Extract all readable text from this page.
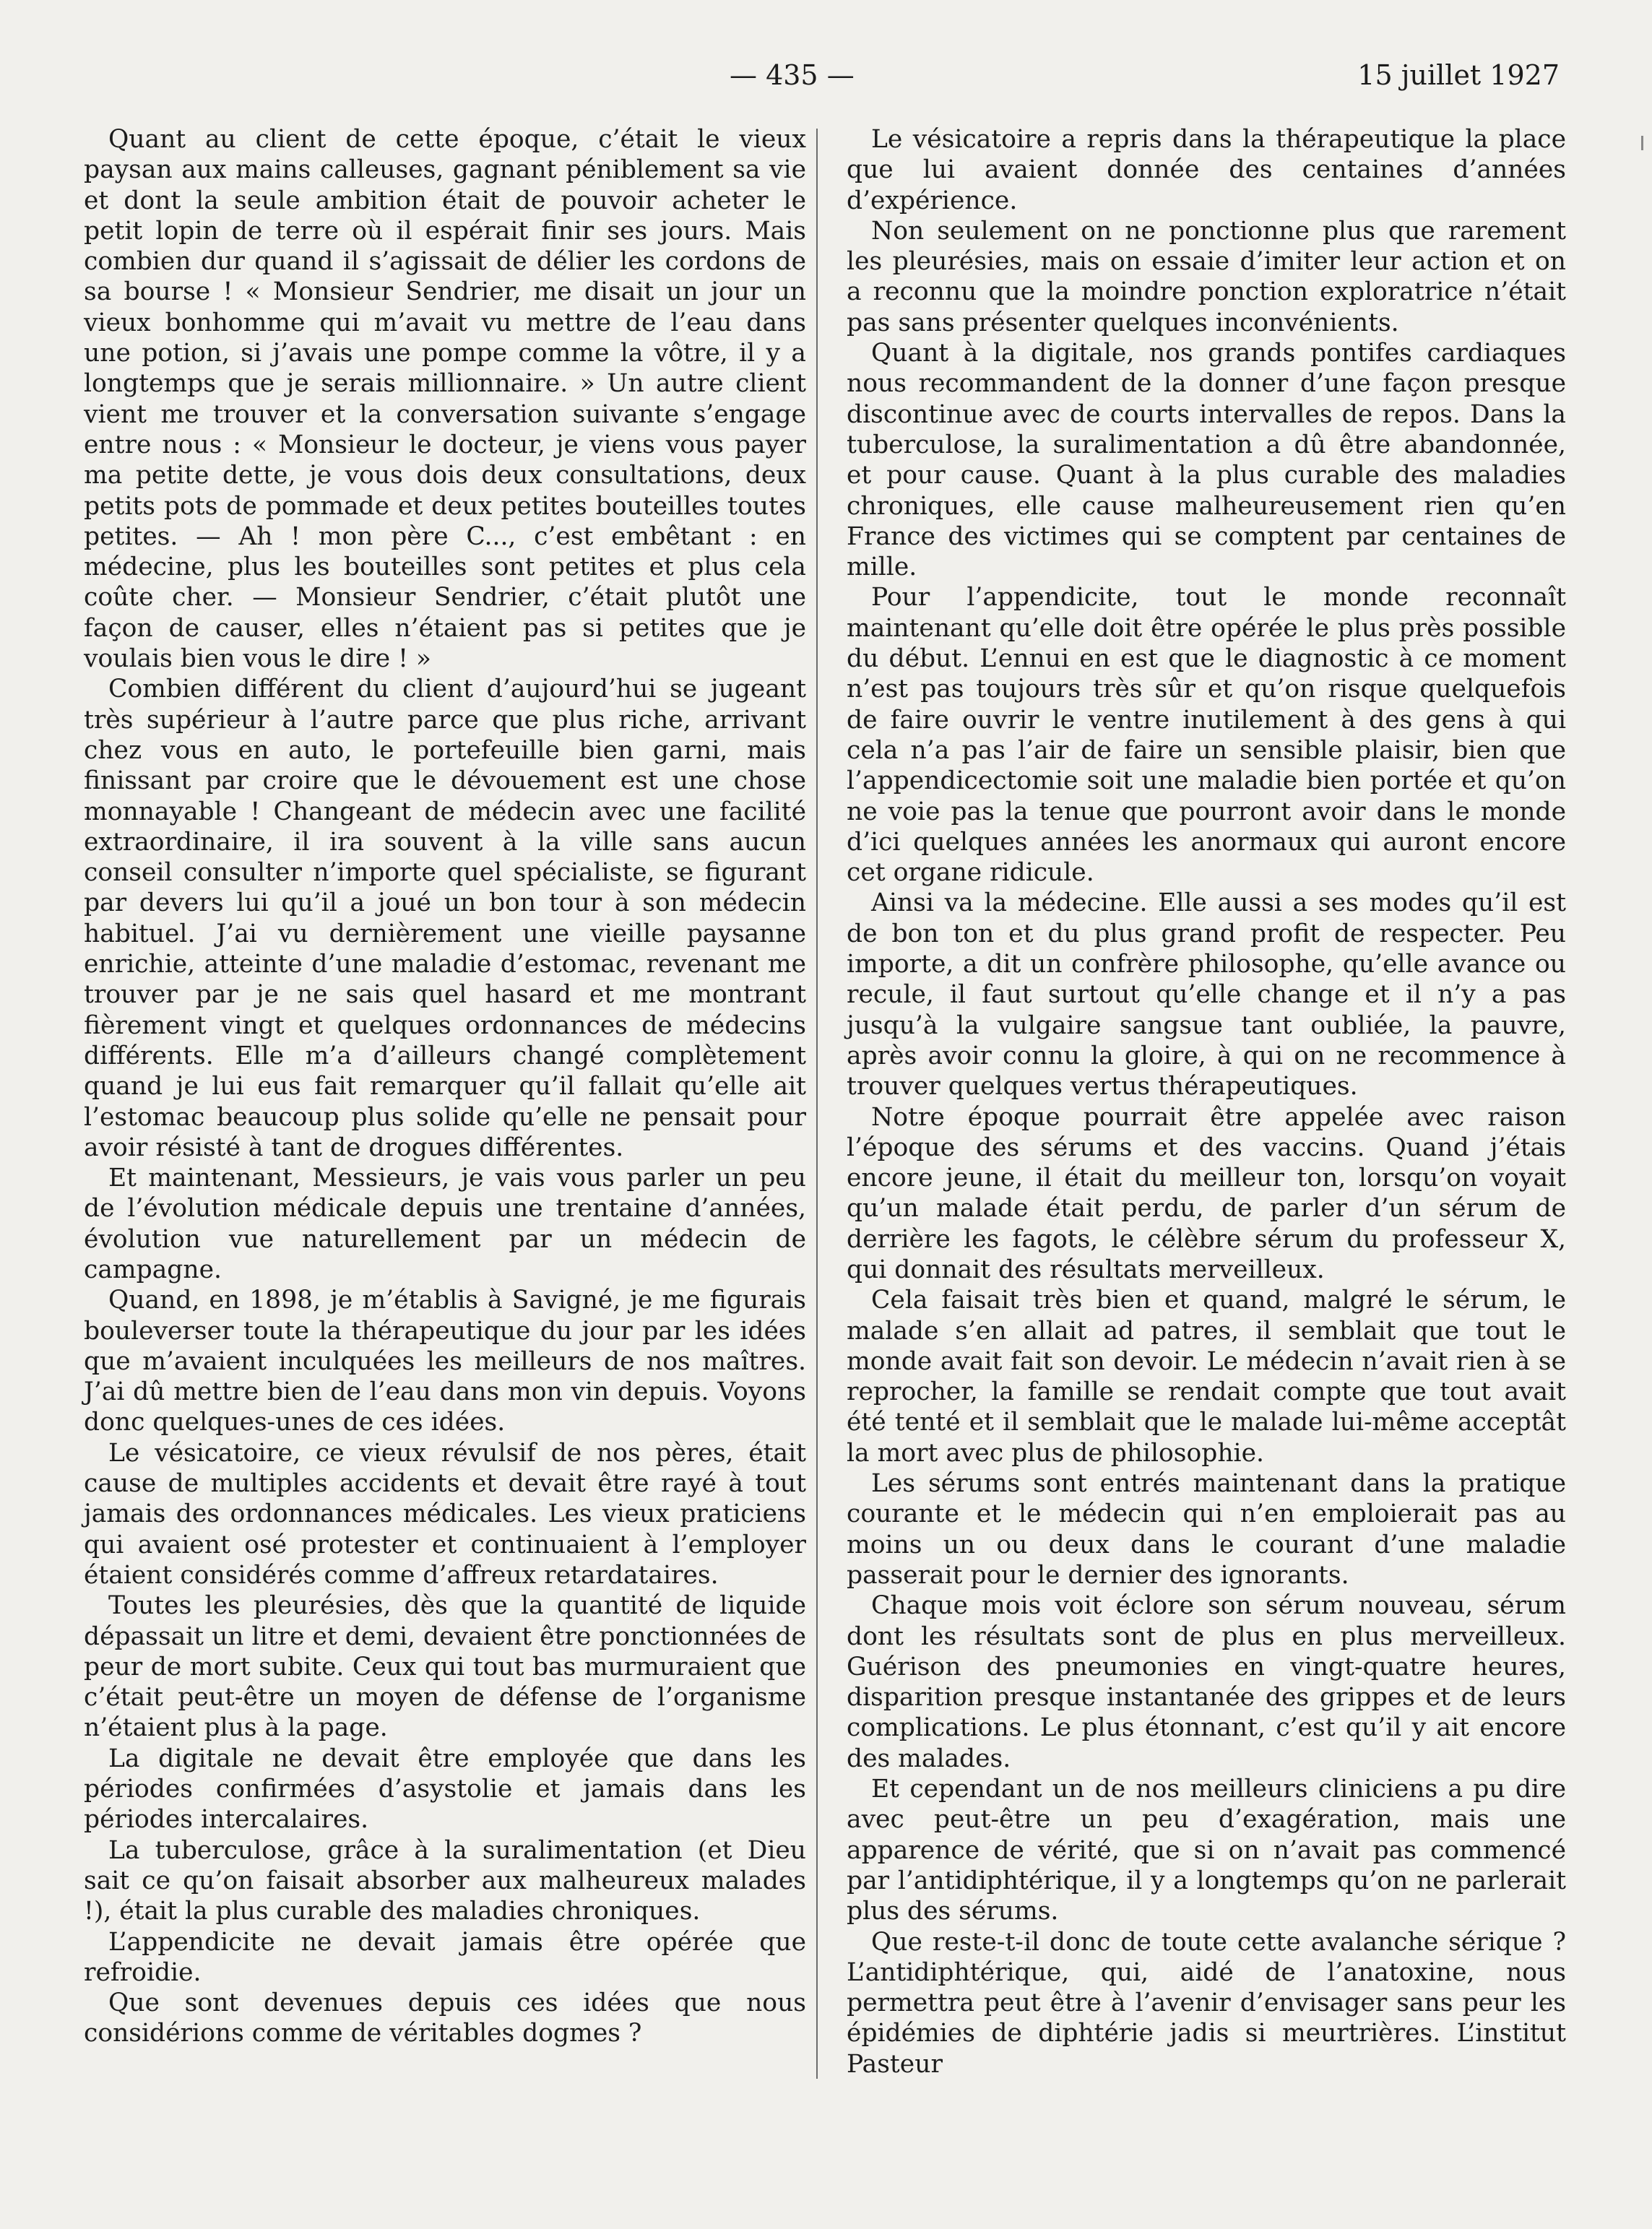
— 435 —	15 juillet 1927

Quant au client de cette époque, c’était le vieux paysan aux mains calleuses, gagnant péniblement sa vie et dont la seule ambition était de pouvoir acheter le petit lopin de terre où il espérait finir ses jours. Mais combien dur quand il s’agissait de délier les cordons de sa bourse ! « Monsieur Sendrier, me disait un jour un vieux bonhomme qui m’avait vu mettre de l’eau dans une potion, si j’avais une pompe comme la vôtre, il y a longtemps que je serais millionnaire. » Un autre client vient me trouver et la conversation suivante s’engage entre nous : « Monsieur le docteur, je viens vous payer ma petite dette, je vous dois deux consultations, deux petits pots de pommade et deux petites bouteilles toutes petites. — Ah ! mon père C..., c’est embêtant : en médecine, plus les bouteilles sont petites et plus cela coûte cher. — Monsieur Sendrier, c’était plutôt une façon de causer, elles n’étaient pas si petites que je voulais bien vous le dire ! »

Combien différent du client d’aujourd’hui se jugeant très supérieur à l’autre parce que plus riche, arrivant chez vous en auto, le portefeuille bien garni, mais finissant par croire que le dévouement est une chose monnayable ! Changeant de médecin avec une facilité extraordinaire, il ira souvent à la ville sans aucun conseil consulter n’importe quel spécialiste, se figurant par devers lui qu’il a joué un bon tour à son médecin habituel. J’ai vu dernièrement une vieille paysanne enrichie, atteinte d’une maladie d’estomac, revenant me trouver par je ne sais quel hasard et me montrant fièrement vingt et quelques ordonnances de médecins différents. Elle m’a d’ailleurs changé complètement quand je lui eus fait remarquer qu’il fallait qu’elle ait l’estomac beaucoup plus solide qu’elle ne pensait pour avoir résisté à tant de drogues différentes.

Et maintenant, Messieurs, je vais vous parler un peu de l’évolution médicale depuis une trentaine d’années, évolution vue naturellement par un médecin de campagne.

Quand, en 1898, je m’établis à Savigné, je me figurais bouleverser toute la thérapeutique du jour par les idées que m’avaient inculquées les meilleurs de nos maîtres. J’ai dû mettre bien de l’eau dans mon vin depuis. Voyons donc quelques-unes de ces idées.

Le vésicatoire, ce vieux révulsif de nos pères, était cause de multiples accidents et devait être rayé à tout jamais des ordonnances médicales. Les vieux praticiens qui avaient osé protester et continuaient à l’employer étaient considérés comme d’affreux retardataires.

Toutes les pleurésies, dès que la quantité de liquide dépassait un litre et demi, devaient être ponctionnées de peur de mort subite. Ceux qui tout bas murmuraient que c’était peut-être un moyen de défense de l’organisme n’étaient plus à la page.

La digitale ne devait être employée que dans les périodes confirmées d’asystolie et jamais dans les périodes intercalaires.

La tuberculose, grâce à la suralimentation (et Dieu sait ce qu’on faisait absorber aux malheureux malades !), était la plus curable des maladies chroniques.

L’appendicite ne devait jamais être opérée que refroidie.

Que sont devenues depuis ces idées que nous considérions comme de véritables dogmes ?

Le vésicatoire a repris dans la thérapeutique la place que lui avaient donnée des centaines d’années d’expérience.

Non seulement on ne ponctionne plus que rarement les pleurésies, mais on essaie d’imiter leur action et on a reconnu que la moindre ponction exploratrice n’était pas sans présenter quelques inconvénients.

Quant à la digitale, nos grands pontifes cardiaques nous recommandent de la donner d’une façon presque discontinue avec de courts intervalles de repos. Dans la tuberculose, la suralimentation a dû être abandonnée, et pour cause. Quant à la plus curable des maladies chroniques, elle cause malheureusement rien qu’en France des victimes qui se comptent par centaines de mille.

Pour l’appendicite, tout le monde reconnaît maintenant qu’elle doit être opérée le plus près possible du début. L’ennui en est que le diagnostic à ce moment n’est pas toujours très sûr et qu’on risque quelquefois de faire ouvrir le ventre inutilement à des gens à qui cela n’a pas l’air de faire un sensible plaisir, bien que l’appendicectomie soit une maladie bien portée et qu’on ne voie pas la tenue que pourront avoir dans le monde d’ici quelques années les anormaux qui auront encore cet organe ridicule.

Ainsi va la médecine. Elle aussi a ses modes qu’il est de bon ton et du plus grand profit de respecter. Peu importe, a dit un confrère philosophe, qu’elle avance ou recule, il faut surtout qu’elle change et il n’y a pas jusqu’à la vulgaire sangsue tant oubliée, la pauvre, après avoir connu la gloire, à qui on ne recommence à trouver quelques vertus thérapeutiques.

Notre époque pourrait être appelée avec raison l’époque des sérums et des vaccins. Quand j’étais encore jeune, il était du meilleur ton, lorsqu’on voyait qu’un malade était perdu, de parler d’un sérum de derrière les fagots, le célèbre sérum du professeur X, qui donnait des résultats merveilleux.

Cela faisait très bien et quand, malgré le sérum, le malade s’en allait ad patres, il semblait que tout le monde avait fait son devoir. Le médecin n’avait rien à se reprocher, la famille se rendait compte que tout avait été tenté et il semblait que le malade lui-même acceptât la mort avec plus de philosophie.

Les sérums sont entrés maintenant dans la pratique courante et le médecin qui n’en emploierait pas au moins un ou deux dans le courant d’une maladie passerait pour le dernier des ignorants.

Chaque mois voit éclore son sérum nouveau, sérum dont les résultats sont de plus en plus merveilleux. Guérison des pneumonies en vingt-quatre heures, disparition presque instantanée des grippes et de leurs complications. Le plus étonnant, c’est qu’il y ait encore des malades.

Et cependant un de nos meilleurs cliniciens a pu dire avec peut-être un peu d’exagération, mais une apparence de vérité, que si on n’avait pas commencé par l’antidiphtérique, il y a longtemps qu’on ne parlerait plus des sérums.

Que reste-t-il donc de toute cette avalanche sérique ? L’antidiphtérique, qui, aidé de l’anatoxine, nous permettra peut être à l’avenir d’envisager sans peur les épidémies de diphtérie jadis si meurtrières. L’institut Pasteur
